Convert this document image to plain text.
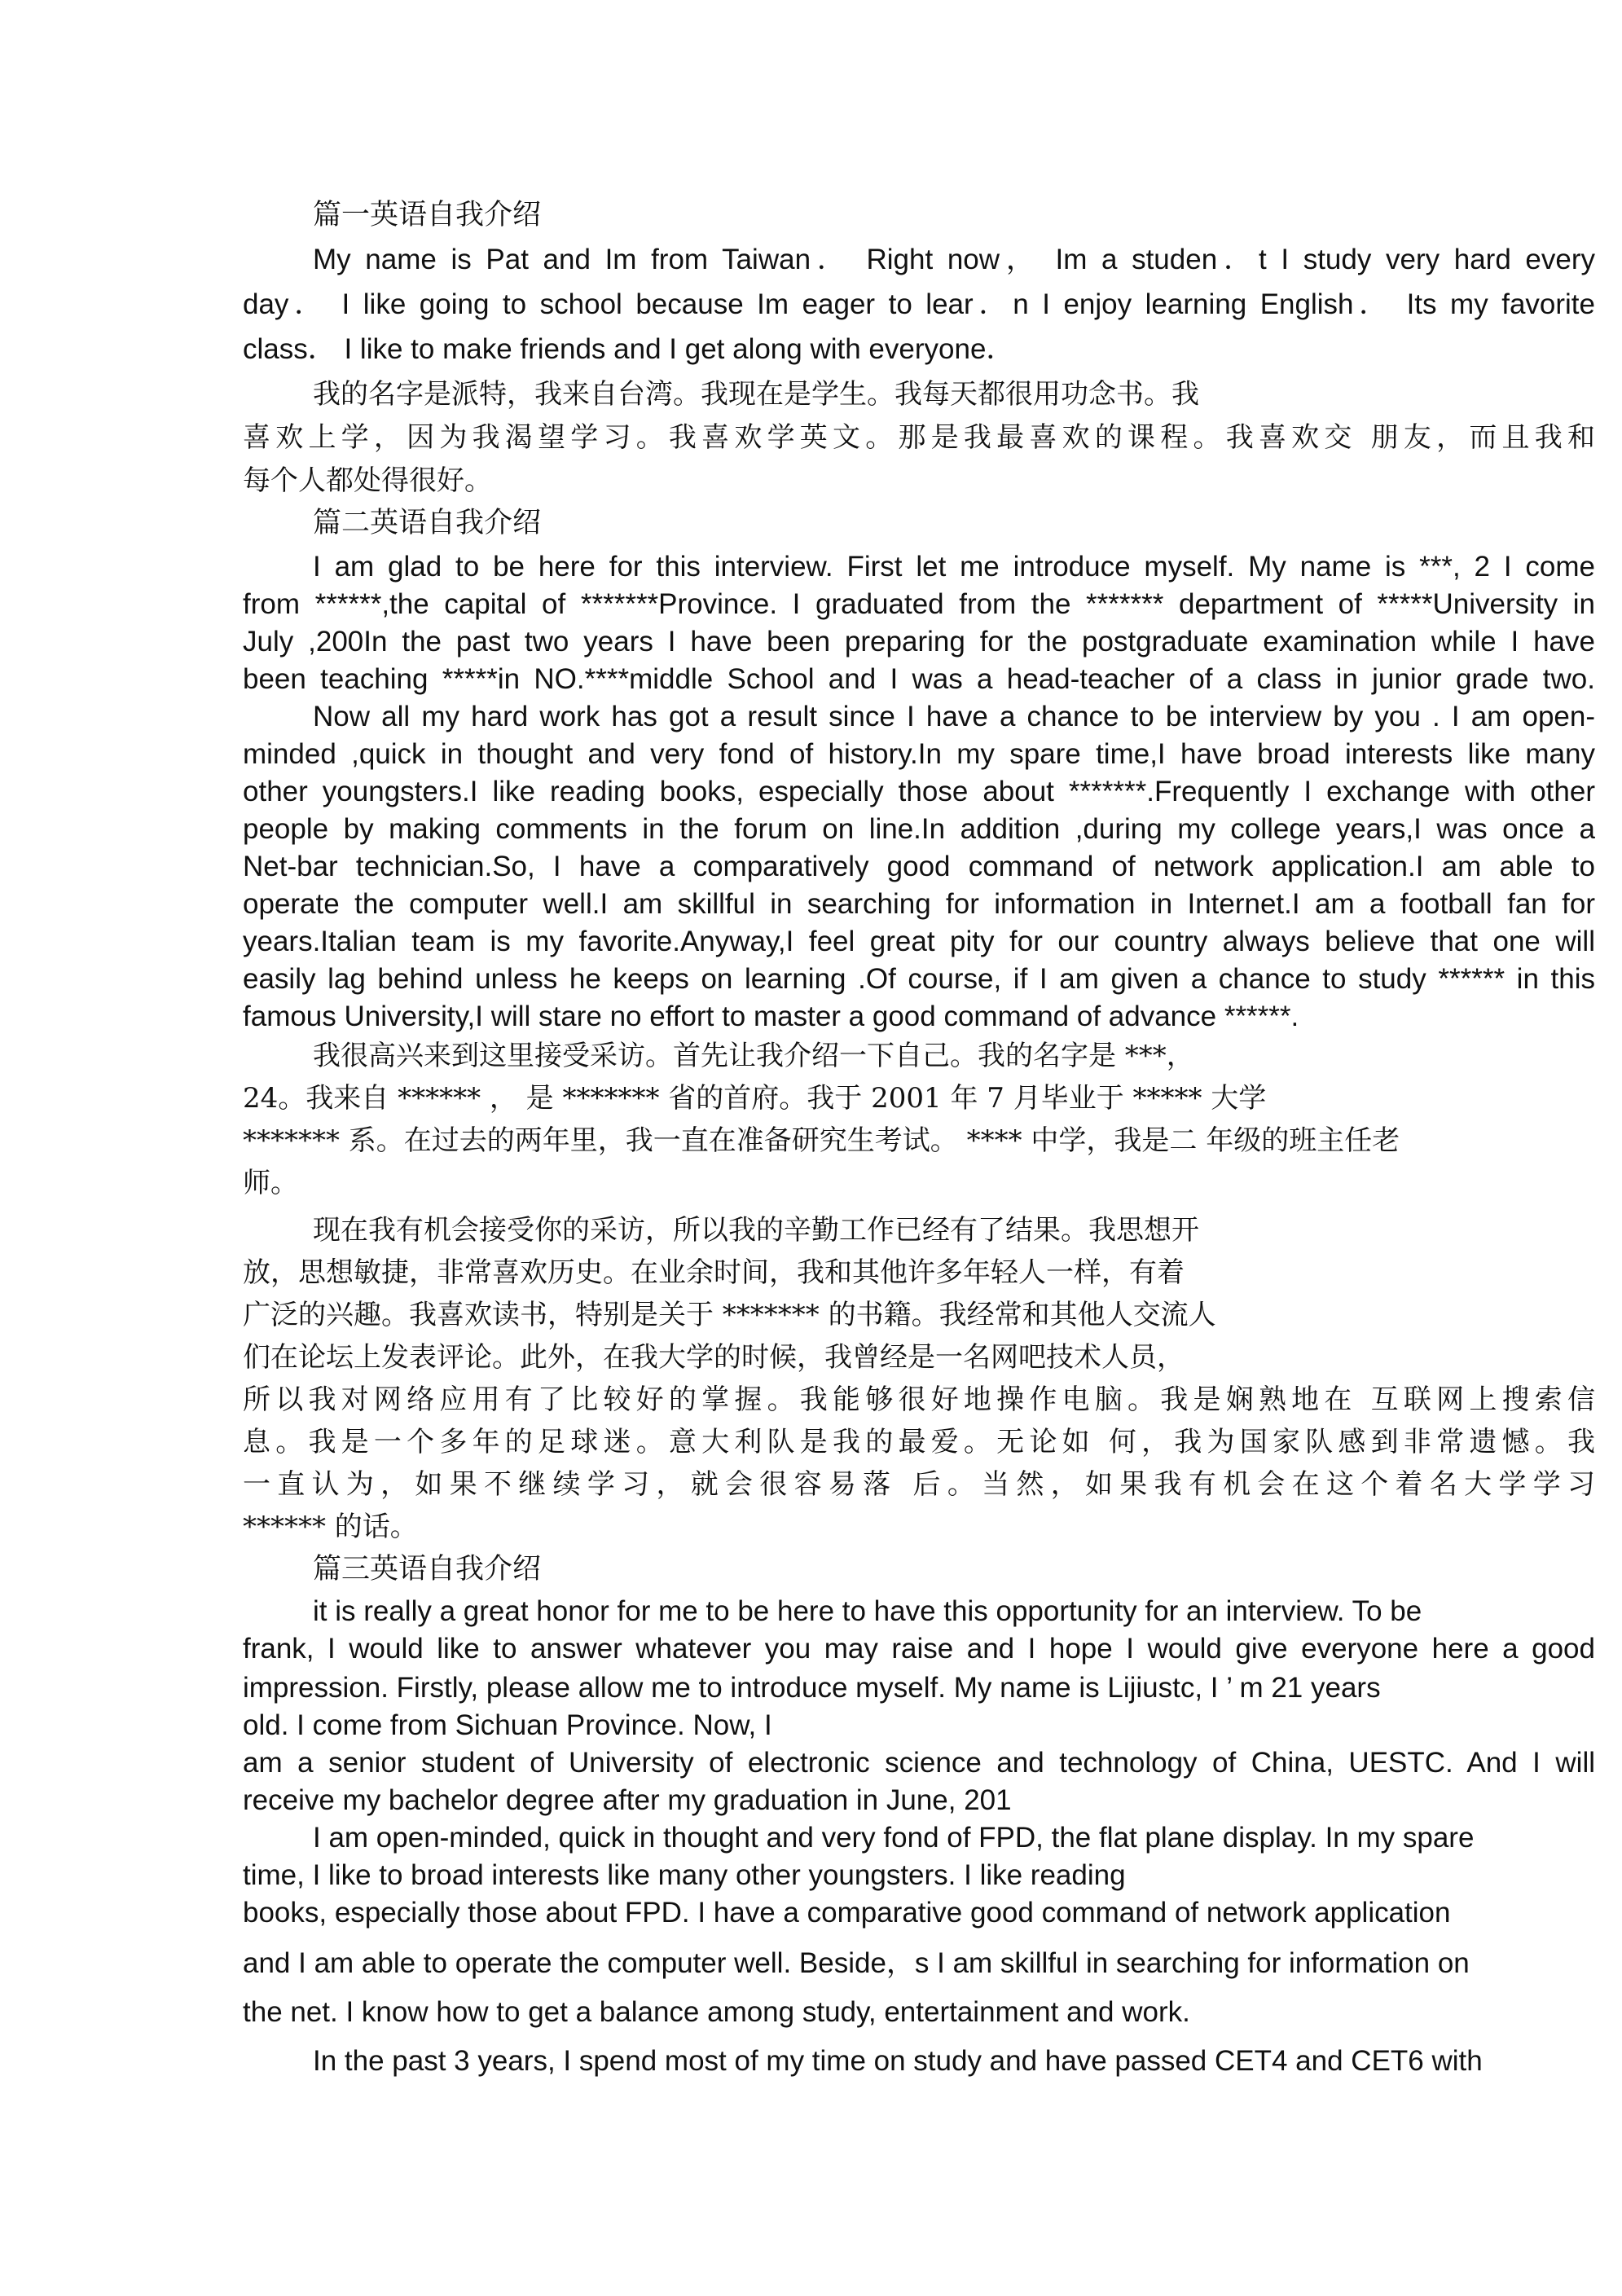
篇一英语自我介绍
My name is Pat and Im from Taiwan． Right now， Im a studen．t I study very hard every
day． I like going to school because Im eager to lear．n I enjoy learning English． Its my favorite
class． I like to make friends and I get along with everyone．
我的名字是派特，我来自台湾。我现在是学生。我每天都很用功念书。我
喜欢上学，因为我渴望学习。我喜欢学英文。那是我最喜欢的课程。我喜欢交 朋友，而且我和
每个人都处得很好。
篇二英语自我介绍
I am glad to be here for this interview. First let me introduce myself. My name is ***, 2 I come
from ******,the capital of *******Province. I graduated from the ******* department of *****University in
July ,200In the past two years I have been preparing for the postgraduate examination while I have
been teaching *****in NO.****middle School and I was a head-teacher of a class in junior grade two.
Now all my hard work has got a result since I have a chance to be interview by you . I am open-
minded ,quick in thought and very fond of history.In my spare time,I have broad interests like many
other youngsters.I like reading books, especially those about *******.Frequently I exchange with other
people by making comments in the forum on line.In addition ,during my college years,I was once a
Net-bar technician.So, I have a comparatively good command of network application.I am able to
operate the computer well.I am skillful in searching for information in Internet.I am a football fan for
years.Italian team is my favorite.Anyway,I feel great pity for our country always believe that one will
easily lag behind unless he keeps on learning .Of course, if I am given a chance to study ****** in this
famous University,I will stare no effort to master a good command of advance ******.
我很高兴来到这里接受采访。首先让我介绍一下自己。我的名字是 ***，
24。我来自 ****** ， 是 ******* 省的首府。我于 2001 年 7 月毕业于 ***** 大学
******* 系。在过去的两年里，我一直在准备研究生考试。 **** 中学，我是二 年级的班主任老
师。
现在我有机会接受你的采访，所以我的辛勤工作已经有了结果。我思想开
放，思想敏捷，非常喜欢历史。在业余时间，我和其他许多年轻人一样，有着
广泛的兴趣。我喜欢读书，特别是关于 ******* 的书籍。我经常和其他人交流人
们在论坛上发表评论。此外，在我大学的时候，我曾经是一名网吧技术人员，
所以我对网络应用有了比较好的掌握。我能够很好地操作电脑。我是娴熟地在 互联网上搜索信
息。我是一个多年的足球迷。意大利队是我的最爱。无论如 何，我为国家队感到非常遗憾。我
一直认为，如果不继续学习，就会很容易落 后。当然，如果我有机会在这个着名大学学习
****** 的话。
篇三英语自我介绍
it is really a great honor for me to be here to have this opportunity for an interview. To be
frank, I would like to answer whatever you may raise and I hope I would give everyone here a good
impression. Firstly, please allow me to introduce myself. My name is Lijiustc, I ’ m 21 years
old. I come from Sichuan Province. Now, I
am a senior student of University of electronic science and technology of China, UESTC. And I will
receive my bachelor degree after my graduation in June, 201
I am open-minded, quick in thought and very fond of FPD, the flat plane display. In my spare
time, I like to broad interests like many other youngsters. I like reading
books, especially those about FPD. I have a comparative good command of network application
and I am able to operate the computer well. Beside，s I am skillful in searching for information on
the net. I know how to get a balance among study, entertainment and work.
In the past 3 years, I spend most of my time on study and have passed CET4 and CET6 with
